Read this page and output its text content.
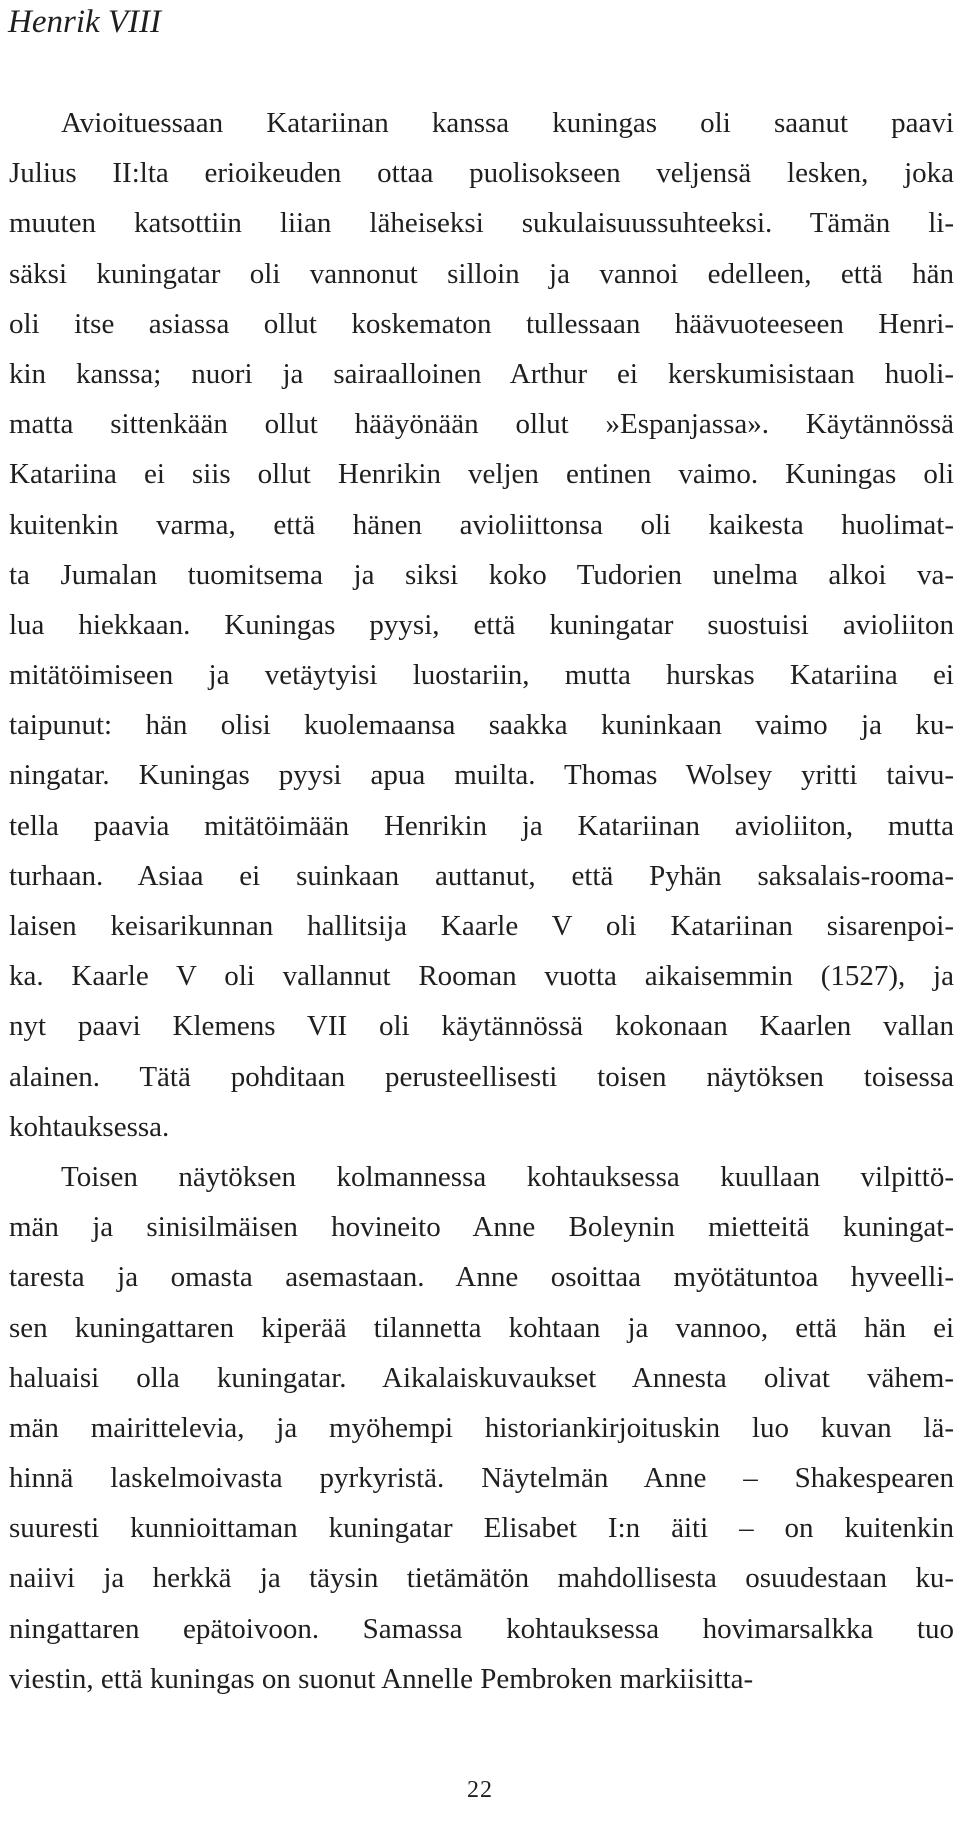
Henrik VIII
Avioituessaan Katariinan kanssa kuningas oli saanut paavi
Julius II:lta erioikeuden ottaa puolisokseen veljensä lesken, joka
muuten katsottiin liian läheiseksi sukulaisuussuhteeksi. Tämän li-
säksi kuningatar oli vannonut silloin ja vannoi edelleen, että hän
oli itse asiassa ollut koskematon tullessaan häävuoteeseen Henri-
kin kanssa; nuori ja sairaalloinen Arthur ei kerskumisistaan huoli-
matta sittenkään ollut hääyönään ollut »Espanjassa». Käytännössä
Katariina ei siis ollut Henrikin veljen entinen vaimo. Kuningas oli
kuitenkin varma, että hänen avioliittonsa oli kaikesta huolimat-
ta Jumalan tuomitsema ja siksi koko Tudorien unelma alkoi va-
lua hiekkaan. Kuningas pyysi, että kuningatar suostuisi avioliiton
mitätöimiseen ja vetäytyisi luostariin, mutta hurskas Katariina ei
taipunut: hän olisi kuolemaansa saakka kuninkaan vaimo ja ku-
ningatar. Kuningas pyysi apua muilta. Thomas Wolsey yritti taivu-
tella paavia mitätöimään Henrikin ja Katariinan avioliiton, mutta
turhaan. Asiaa ei suinkaan auttanut, että Pyhän saksalais-rooma-
laisen keisarikunnan hallitsija Kaarle V oli Katariinan sisarenpoi-
ka. Kaarle V oli vallannut Rooman vuotta aikaisemmin (1527), ja
nyt paavi Klemens VII oli käytännössä kokonaan Kaarlen vallan
alainen. Tätä pohditaan perusteellisesti toisen näytöksen toisessa
kohtauksessa.
Toisen näytöksen kolmannessa kohtauksessa kuullaan vilpittö-
män ja sinisilmäisen hovineito Anne Boleynin mietteitä kuningat-
taresta ja omasta asemastaan. Anne osoittaa myötätuntoa hyveelli-
sen kuningattaren kiperää tilannetta kohtaan ja vannoo, että hän ei
haluaisi olla kuningatar. Aikalaiskuvaukset Annesta olivat vähem-
män mairittelevia, ja myöhempi historiankirjoituskin luo kuvan lä-
hinnä laskelmoivasta pyrkyristä. Näytelmän Anne – Shakespearen
suuresti kunnioittaman kuningatar Elisabet I:n äiti – on kuitenkin
naiivi ja herkkä ja täysin tietämätön mahdollisesta osuudestaan ku-
ningattaren epätoivoon. Samassa kohtauksessa hovimarsalkka tuo
viestin, että kuningas on suonut Annelle Pembroken markiisitta-
22
